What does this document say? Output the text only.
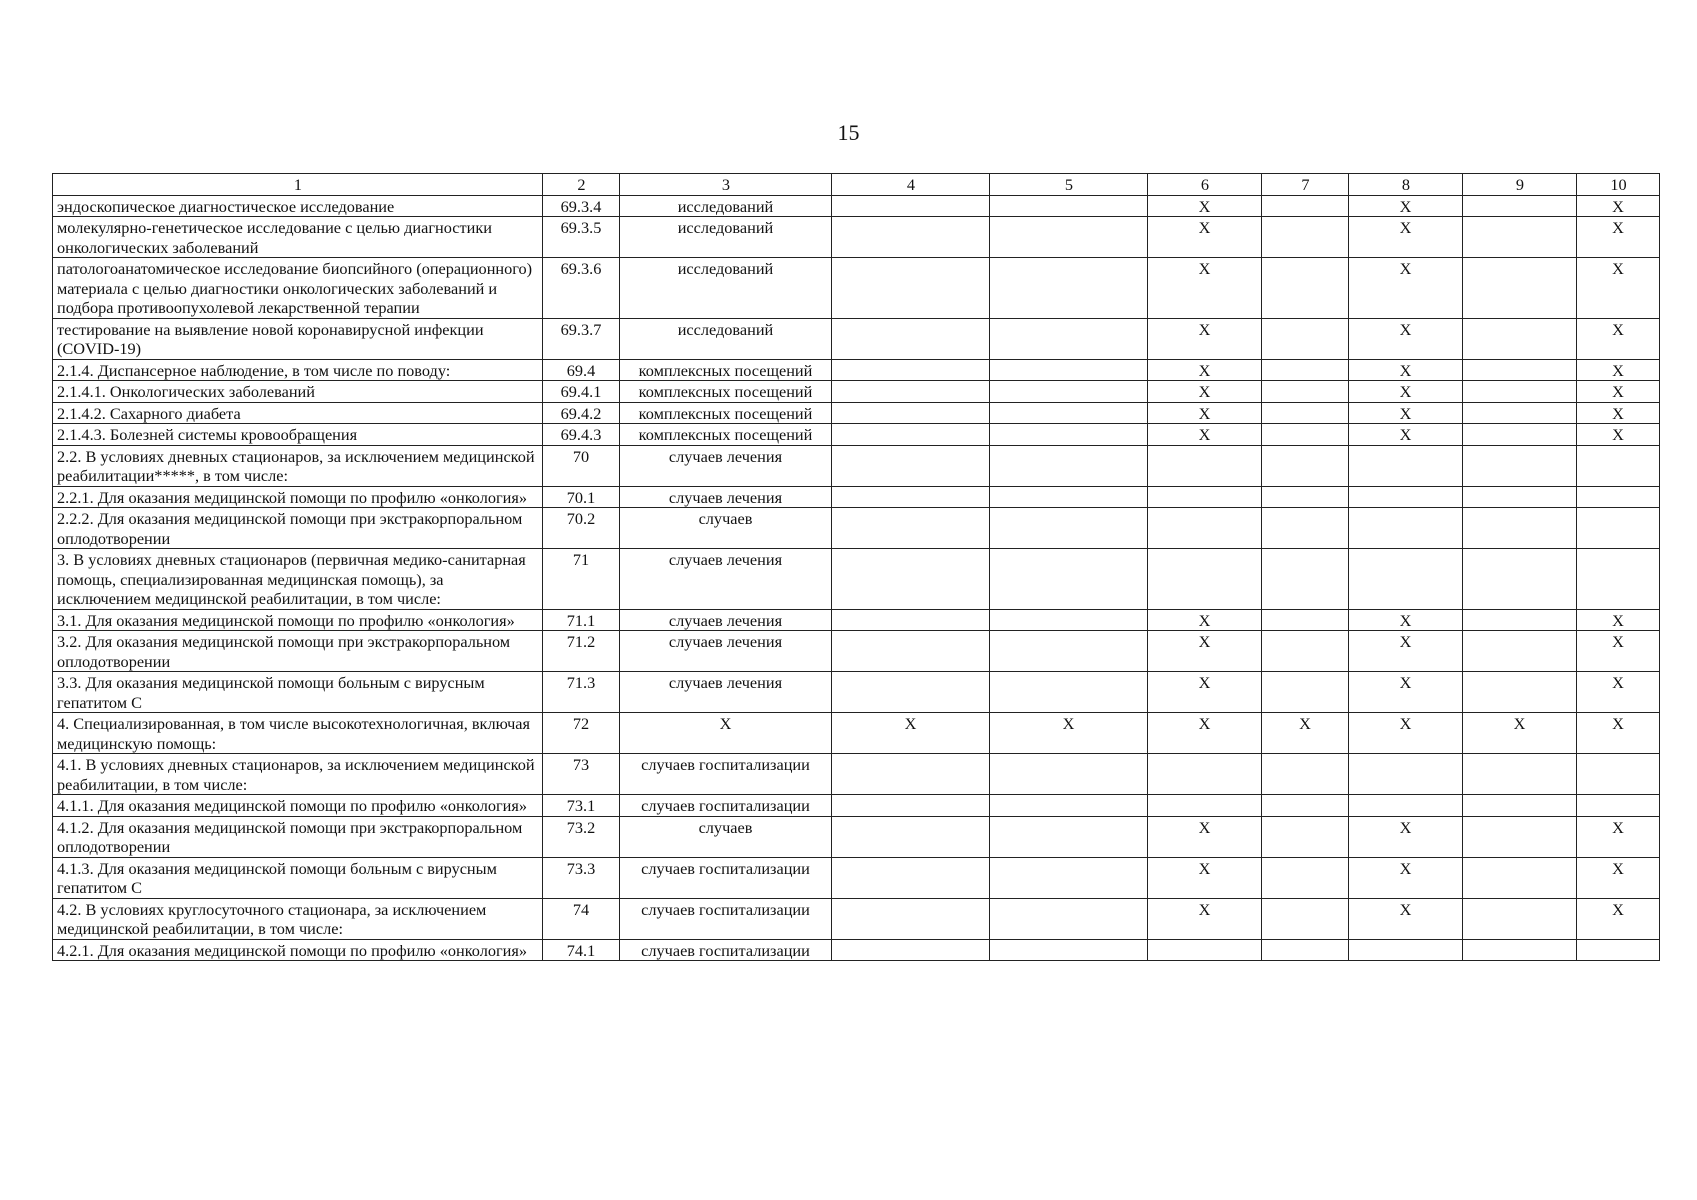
15
1	2	3	4	5	6	7	8	9	10
эндоскопическое диагностическое исследование	69.3.4	исследований			X		X		X
молекулярно-генетическое исследование с целью диагностики онкологических заболеваний	69.3.5	исследований			X		X		X
патологоанатомическое исследование биопсийного (операционного) материала с целью диагностики онкологических заболеваний и подбора противоопухолевой лекарственной терапии	69.3.6	исследований			X		X		X
тестирование на выявление новой коронавирусной инфекции (COVID-19)	69.3.7	исследований			X		X		X
2.1.4. Диспансерное наблюдение, в том числе по поводу:	69.4	комплексных посещений			X		X		X
2.1.4.1. Онкологических заболеваний	69.4.1	комплексных посещений			X		X		X
2.1.4.2. Сахарного диабета	69.4.2	комплексных посещений			X		X		X
2.1.4.3. Болезней системы кровообращения	69.4.3	комплексных посещений			X		X		X
2.2. В условиях дневных стационаров, за исключением медицинской реабилитации*****, в том числе:	70	случаев лечения							
2.2.1. Для оказания медицинской помощи по профилю «онкология»	70.1	случаев лечения							
2.2.2. Для оказания медицинской помощи при экстракорпоральном оплодотворении	70.2	случаев							
3. В условиях дневных стационаров (первичная медико-санитарная помощь, специализированная медицинская помощь), за исключением медицинской реабилитации, в том числе:	71	случаев лечения							
3.1. Для оказания медицинской помощи по профилю «онкология»	71.1	случаев лечения			X		X		X
3.2. Для оказания медицинской помощи при экстракорпоральном оплодотворении	71.2	случаев лечения			X		X		X
3.3. Для оказания медицинской помощи больным с вирусным гепатитом С	71.3	случаев лечения			X		X		X
4. Специализированная, в том числе высокотехнологичная, включая медицинскую помощь:	72	X	X	X	X	X	X	X	X
4.1. В условиях дневных стационаров, за исключением медицинской реабилитации, в том числе:	73	случаев госпитализации							
4.1.1. Для оказания медицинской помощи по профилю «онкология»	73.1	случаев госпитализации							
4.1.2. Для оказания медицинской помощи при экстракорпоральном оплодотворении	73.2	случаев			X		X		X
4.1.3. Для оказания медицинской помощи больным с вирусным гепатитом С	73.3	случаев госпитализации			X		X		X
4.2. В условиях круглосуточного стационара, за исключением медицинской реабилитации, в том числе:	74	случаев госпитализации			X		X		X
4.2.1. Для оказания медицинской помощи по профилю «онкология»	74.1	случаев госпитализации							
